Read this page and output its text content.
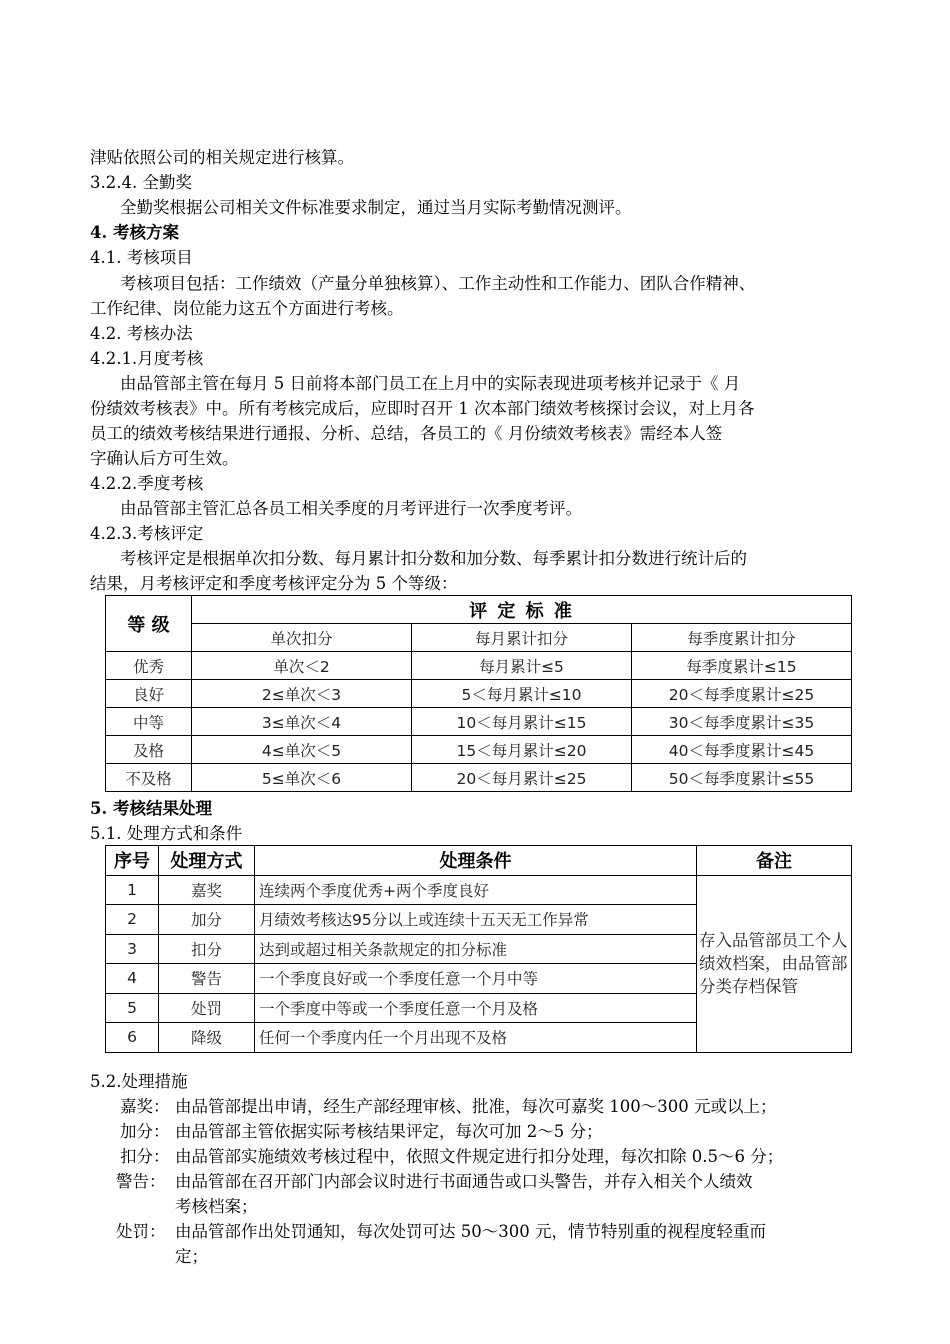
津贴依照公司的相关规定进行核算。
3.2.4. 全勤奖
全勤奖根据公司相关文件标准要求制定，通过当月实际考勤情况测评。
4. 考核方案
4.1. 考核项目
考核项目包括：工作绩效（产量分单独核算）、工作主动性和工作能力、团队合作精神、
工作纪律、岗位能力这五个方面进行考核。
4.2. 考核办法
4.2.1.月度考核
由品管部主管在每月 5 日前将本部门员工在上月中的实际表现进项考核并记录于《 月
份绩效考核表》中。所有考核完成后，应即时召开 1 次本部门绩效考核探讨会议，对上月各
员工的绩效考核结果进行通报、分析、总结，各员工的《 月份绩效考核表》需经本人签
字确认后方可生效。
4.2.2.季度考核
由品管部主管汇总各员工相关季度的月考评进行一次季度考评。
4.2.3.考核评定
考核评定是根据单次扣分数、每月累计扣分数和加分数、每季累计扣分数进行统计后的
结果，月考核评定和季度考核评定分为 5 个等级：
等 级	评 定 标 准		
	单次扣分	每月累计扣分	每季度累计扣分
优秀	单次＜2	每月累计≤5	每季度累计≤15
良好	2≤单次＜3	5＜每月累计≤10	20＜每季度累计≤25
中等	3≤单次＜4	10＜每月累计≤15	30＜每季度累计≤35
及格	4≤单次＜5	15＜每月累计≤20	40＜每季度累计≤45
不及格	5≤单次＜6	20＜每月累计≤25	50＜每季度累计≤55
5. 考核结果处理
5.1. 处理方式和条件
序号	处理方式	处理条件	备注
1	嘉奖	连续两个季度优秀+两个季度良好	存入品管部员工个人绩效档案，由品管部分类存档保管
2	加分	月绩效考核达95分以上或连续十五天无工作异常	
3	扣分	达到或超过相关条款规定的扣分标准	
4	警告	一个季度良好或一个季度任意一个月中等	
5	处罚	一个季度中等或一个季度任意一个月及格	
6	降级	任何一个季度内任一个月出现不及格	
5.2.处理措施
嘉奖： 由品管部提出申请，经生产部经理审核、批准，每次可嘉奖 100～300 元或以上；
加分： 由品管部主管依据实际考核结果评定，每次可加 2～5 分；
扣分： 由品管部实施绩效考核过程中，依照文件规定进行扣分处理，每次扣除 0.5～6 分；
警告： 由品管部在召开部门内部会议时进行书面通告或口头警告，并存入相关个人绩效
考核档案；
处罚： 由品管部作出处罚通知，每次处罚可达 50～300 元，情节特别重的视程度轻重而
定；
